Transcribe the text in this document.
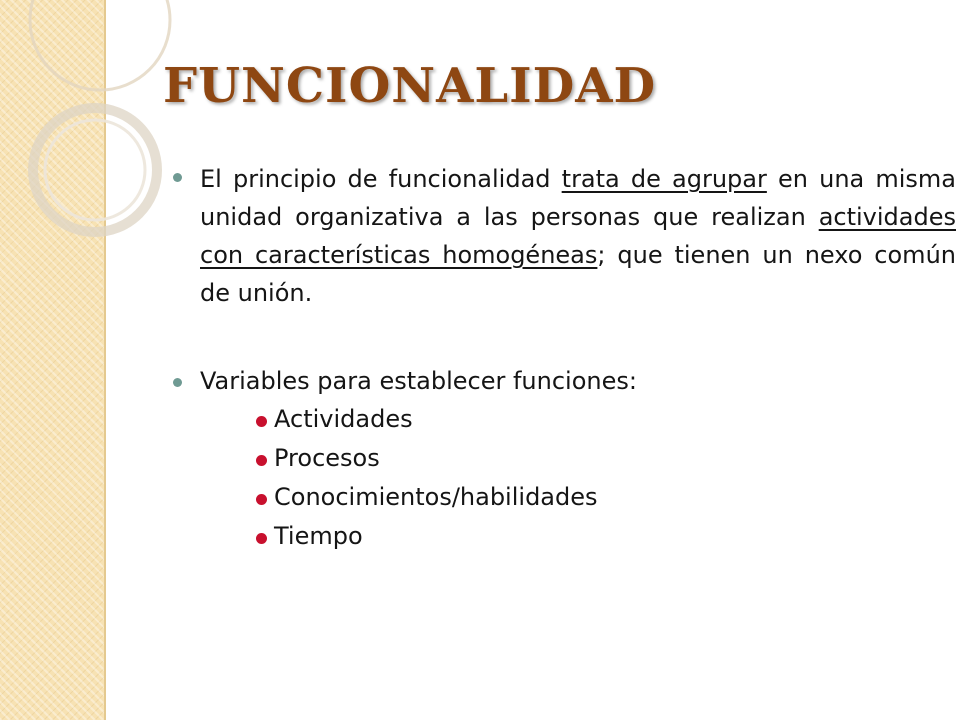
FUNCIONALIDAD

El principio de funcionalidad trata de agrupar en una misma unidad organizativa a las personas que realizan actividades con características homogéneas; que tienen un nexo común de unión.

Variables para establecer funciones:
Actividades
Procesos
Conocimientos/habilidades
Tiempo
